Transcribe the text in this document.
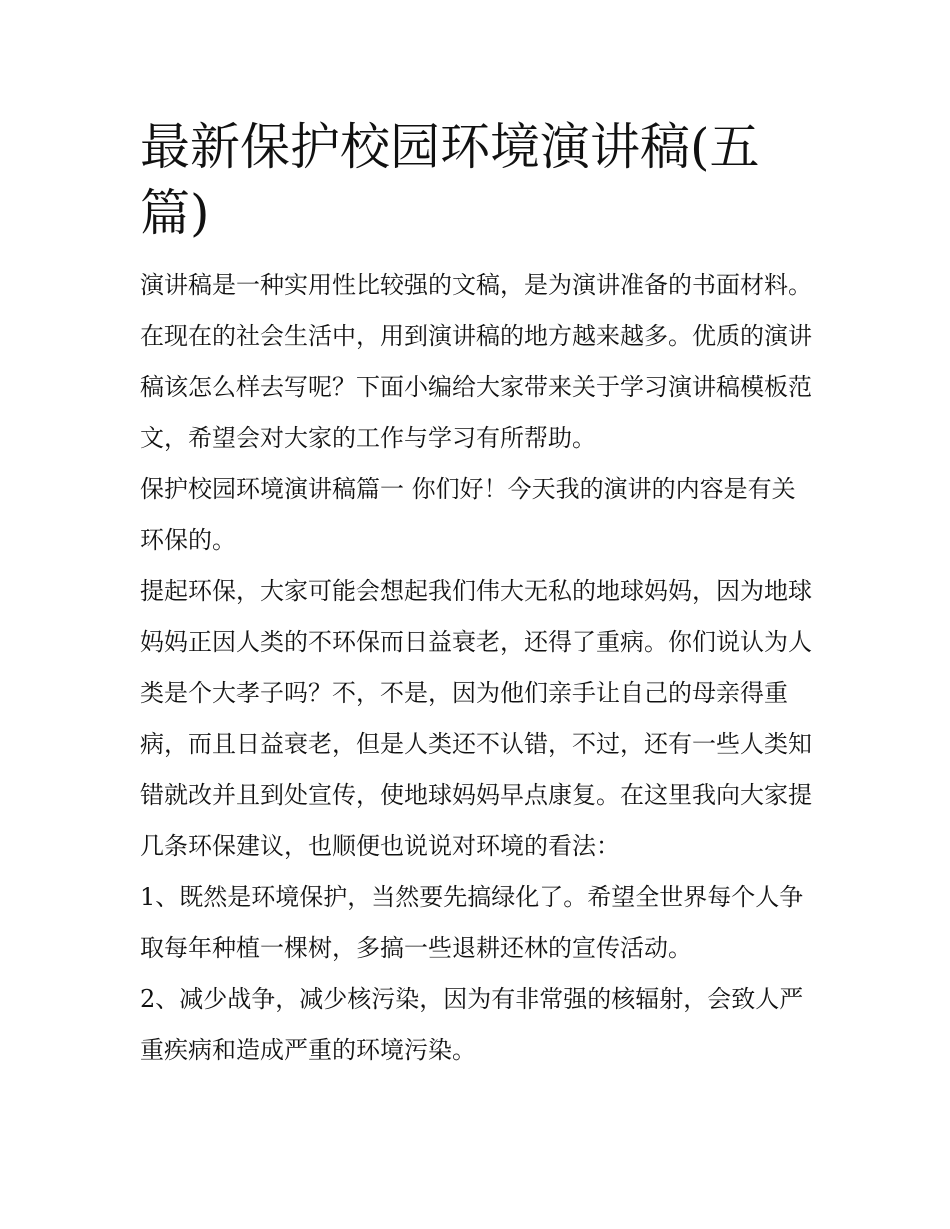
最新保护校园环境演讲稿(五篇)

演讲稿是一种实用性比较强的文稿，是为演讲准备的书面材料。在现在的社会生活中，用到演讲稿的地方越来越多。优质的演讲稿该怎么样去写呢？下面小编给大家带来关于学习演讲稿模板范文，希望会对大家的工作与学习有所帮助。

保护校园环境演讲稿篇一 你们好！今天我的演讲的内容是有关环保的。

提起环保，大家可能会想起我们伟大无私的地球妈妈，因为地球妈妈正因人类的不环保而日益衰老，还得了重病。你们说认为人类是个大孝子吗？不，不是，因为他们亲手让自己的母亲得重病，而且日益衰老，但是人类还不认错，不过，还有一些人类知错就改并且到处宣传，使地球妈妈早点康复。在这里我向大家提几条环保建议，也顺便也说说对环境的看法：

1、既然是环境保护，当然要先搞绿化了。希望全世界每个人争取每年种植一棵树，多搞一些退耕还林的宣传活动。

2、减少战争，减少核污染，因为有非常强的核辐射，会致人严重疾病和造成严重的环境污染。
